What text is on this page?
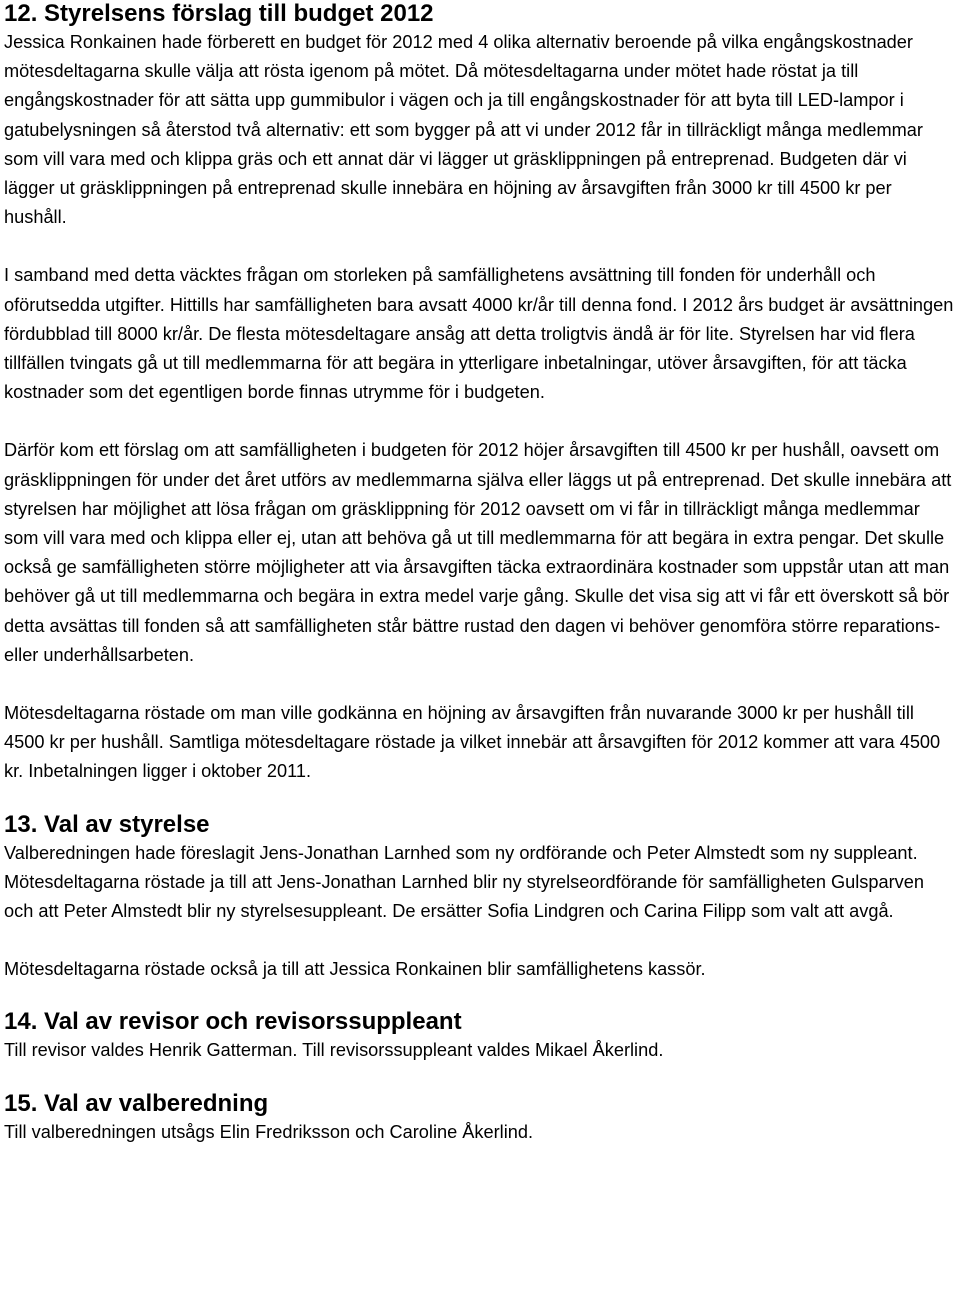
12. Styrelsens förslag till budget 2012

Jessica Ronkainen hade förberett en budget för 2012 med 4 olika alternativ beroende på vilka engångskostnader mötesdeltagarna skulle välja att rösta igenom på mötet. Då mötesdeltagarna under mötet hade röstat ja till engångskostnader för att sätta upp gummibulor i vägen och ja till engångskostnader för att byta till LED-lampor i gatubelysningen så återstod två alternativ: ett som bygger på att vi under 2012 får in tillräckligt många medlemmar som vill vara med och klippa gräs och ett annat där vi lägger ut gräsklippningen på entreprenad. Budgeten där vi lägger ut gräsklippningen på entreprenad skulle innebära en höjning av årsavgiften från 3000 kr till 4500 kr per hushåll.

I samband med detta väcktes frågan om storleken på samfällighetens avsättning till fonden för underhåll och oförutsedda utgifter. Hittills har samfälligheten bara avsatt 4000 kr/år till denna fond. I 2012 års budget är avsättningen fördubblad till 8000 kr/år. De flesta mötesdeltagare ansåg att detta troligtvis ändå är för lite. Styrelsen har vid flera tillfällen tvingats gå ut till medlemmarna för att begära in ytterligare inbetalningar, utöver årsavgiften, för att täcka kostnader som det egentligen borde finnas utrymme för i budgeten.

Därför kom ett förslag om att samfälligheten i budgeten för 2012 höjer årsavgiften till 4500 kr per hushåll, oavsett om gräsklippningen för under det året utförs av medlemmarna själva eller läggs ut på entreprenad. Det skulle innebära att styrelsen har möjlighet att lösa frågan om gräsklippning för 2012 oavsett om vi får in tillräckligt många medlemmar som vill vara med och klippa eller ej, utan att behöva gå ut till medlemmarna för att begära in extra pengar. Det skulle också ge samfälligheten större möjligheter att via årsavgiften täcka extraordinära kostnader som uppstår utan att man behöver gå ut till medlemmarna och begära in extra medel varje gång. Skulle det visa sig att vi får ett överskott så bör detta avsättas till fonden så att samfälligheten står bättre rustad den dagen vi behöver genomföra större reparations- eller underhållsarbeten.

Mötesdeltagarna röstade om man ville godkänna en höjning av årsavgiften från nuvarande 3000 kr per hushåll till 4500 kr per hushåll. Samtliga mötesdeltagare röstade ja vilket innebär att årsavgiften för 2012 kommer att vara 4500 kr. Inbetalningen ligger i oktober 2011.

13. Val av styrelse

Valberedningen hade föreslagit Jens-Jonathan Larnhed som ny ordförande och Peter Almstedt som ny suppleant. Mötesdeltagarna röstade ja till att Jens-Jonathan Larnhed blir ny styrelseordförande för samfälligheten Gulsparven och att Peter Almstedt blir ny styrelsesuppleant. De ersätter Sofia Lindgren och Carina Filipp som valt att avgå.

Mötesdeltagarna röstade också ja till att Jessica Ronkainen blir samfällighetens kassör.

14. Val av revisor och revisorssuppleant

Till revisor valdes Henrik Gatterman. Till revisorssuppleant valdes Mikael Åkerlind.

15. Val av valberedning

Till valberedningen utsågs Elin Fredriksson och Caroline Åkerlind.
